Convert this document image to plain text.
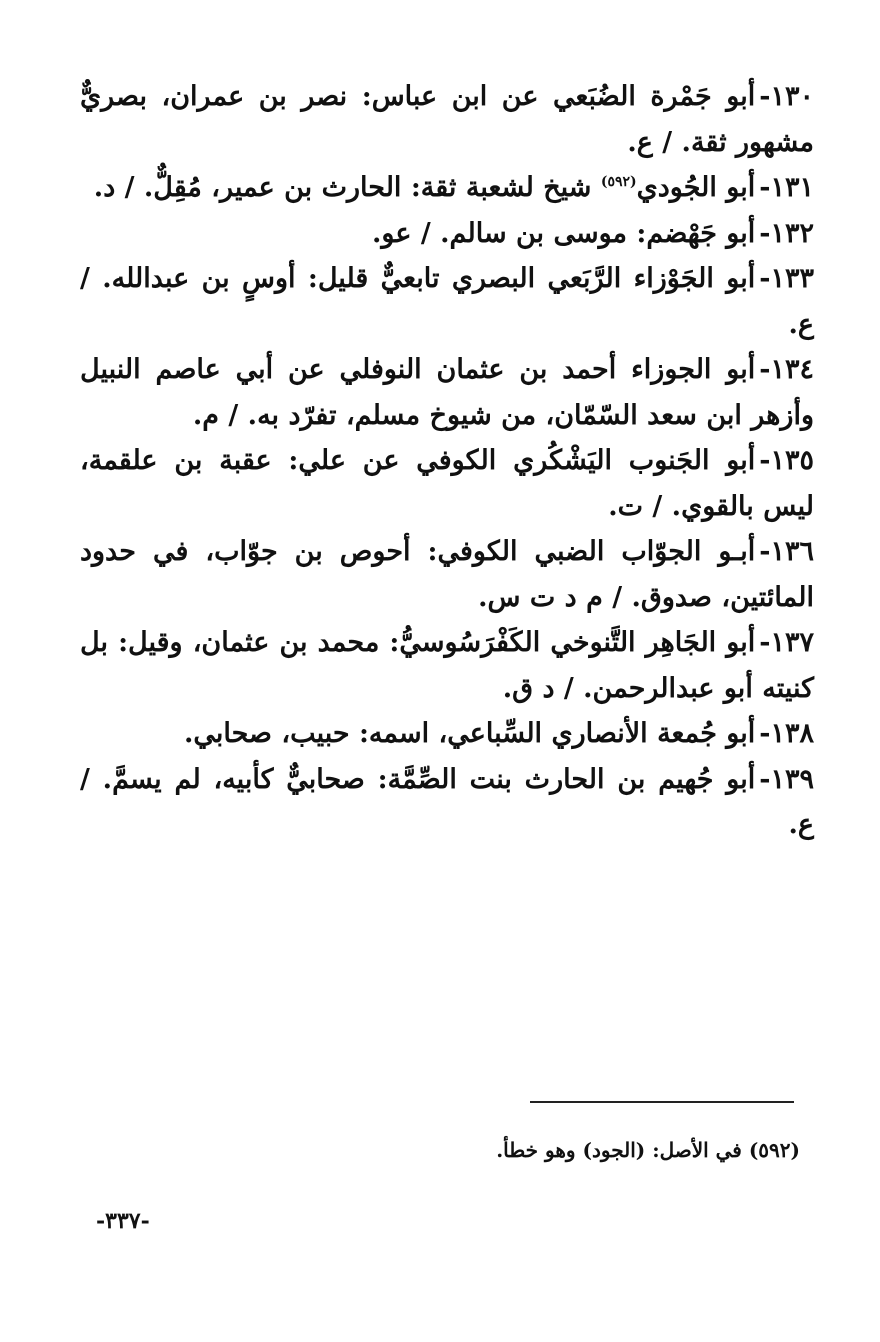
١٣٠-أبو جَمْرة الضُبَعي عن ابن عباس: نصر بن عمران، بصريٌّ مشهور ثقة. / ع.

١٣١-أبو الجُودي$^{(٥٩٢)}$ شيخ لشعبة ثقة: الحارث بن عمير، مُقِلٌّ. / د.

١٣٢-أبو جَهْضم: موسى بن سالم. / عو.

١٣٣-أبو الجَوْزاء الرَّبَعي البصري تابعيٌّ قليل: أوسٍ بن عبدالله. / ع.

١٣٤-أبو الجوزاء أحمد بن عثمان النوفلي عن أبي عاصم النبيل وأزهر ابن سعد السّمّان، من شيوخ مسلم، تفرّد به. / م.

١٣٥-أبو الجَنوب اليَشْكُري الكوفي عن علي: عقبة بن علقمة، ليس بالقوي. / ت.

١٣٦-أبـو الجوّاب الضبي الكوفي: أحوص بن جوّاب، في حدود المائتين، صدوق. / م د ت س.

١٣٧-أبو الجَاهِر التَّنوخي الكَفْرَسُوسيُّ: محمد بن عثمان، وقيل: بل كنيته أبو عبدالرحمن. / د ق.

١٣٨-أبو جُمعة الأنصاري السِّباعي، اسمه: حبيب، صحابي.

١٣٩-أبو جُهيم بن الحارث بنت الصِّمَّة: صحابيٌّ كأبيه، لم يسمَّ. / ع.

(٥٩٢) في الأصل: (الجود) وهو خطأ.
-٣٣٧-
